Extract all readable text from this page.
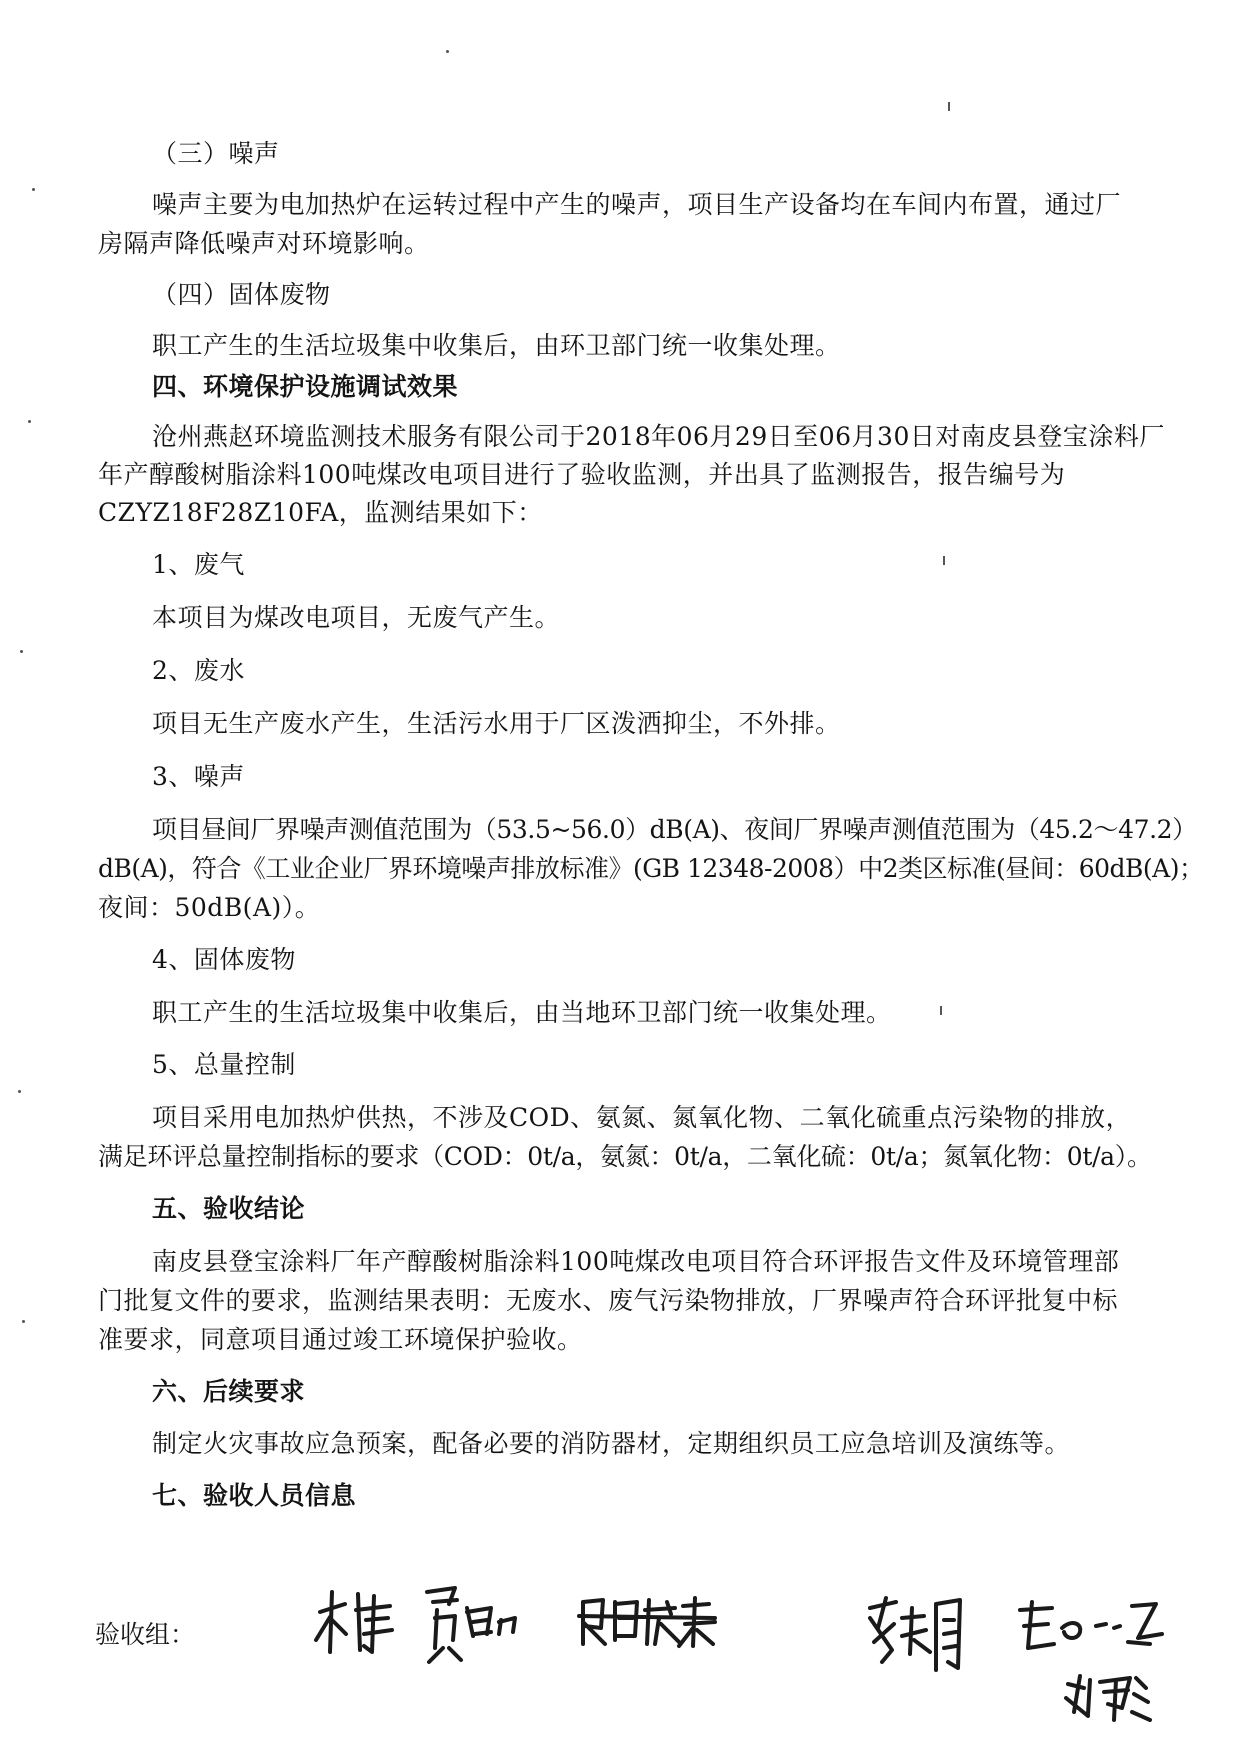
（三）噪声
噪声主要为电加热炉在运转过程中产生的噪声，项目生产设备均在车间内布置，通过厂
房隔声降低噪声对环境影响。
（四）固体废物
职工产生的生活垃圾集中收集后，由环卫部门统一收集处理。
四、环境保护设施调试效果
沧州燕赵环境监测技术服务有限公司于2018年06月29日至06月30日对南皮县登宝涂料厂
年产醇酸树脂涂料100吨煤改电项目进行了验收监测，并出具了监测报告，报告编号为
CZYZ18F28Z10FA，监测结果如下：
1、废气
本项目为煤改电项目，无废气产生。
2、废水
项目无生产废水产生，生活污水用于厂区泼洒抑尘，不外排。
3、噪声
项目昼间厂界噪声测值范围为（53.5~56.0）dB(A)、夜间厂界噪声测值范围为（45.2～47.2）
dB(A)，符合《工业企业厂界环境噪声排放标准》(GB 12348-2008）中2类区标准(昼间：60dB(A)；
夜间：50dB(A)）。
4、固体废物
职工产生的生活垃圾集中收集后，由当地环卫部门统一收集处理。
5、总量控制
项目采用电加热炉供热，不涉及COD、氨氮、氮氧化物、二氧化硫重点污染物的排放，
满足环评总量控制指标的要求（COD：0t/a，氨氮：0t/a，二氧化硫：0t/a；氮氧化物：0t/a）。
五、验收结论
南皮县登宝涂料厂年产醇酸树脂涂料100吨煤改电项目符合环评报告文件及环境管理部
门批复文件的要求，监测结果表明：无废水、废气污染物排放，厂界噪声符合环评批复中标
准要求，同意项目通过竣工环境保护验收。
六、后续要求
制定火灾事故应急预案，配备必要的消防器材，定期组织员工应急培训及演练等。
七、验收人员信息
验收组：
